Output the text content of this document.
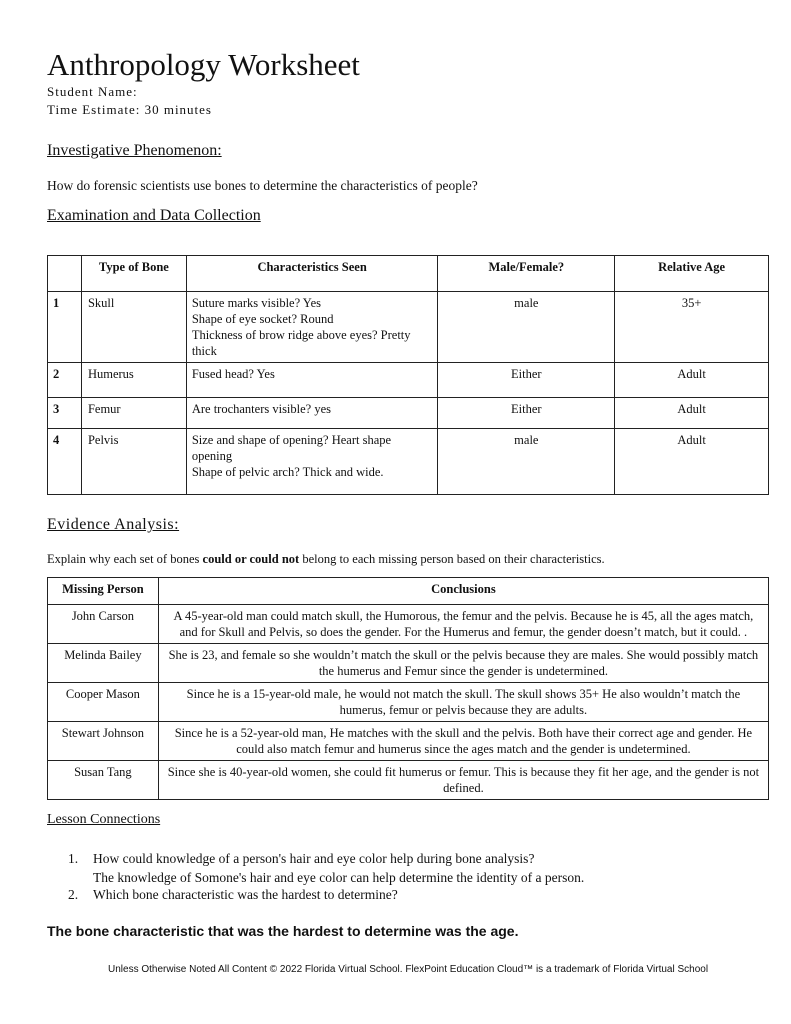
Anthropology Worksheet
Student Name:
Time Estimate: 30 minutes
Investigative Phenomenon:
How do forensic scientists use bones to determine the characteristics of people?
Examination and Data Collection
	Type of Bone	Characteristics Seen	Male/Female?	Relative Age
1	Skull	Suture marks visible? Yes
Shape of eye socket? Round
Thickness of brow ridge above eyes? Pretty thick	male	35+
2	Humerus	Fused head? Yes	Either	Adult
3	Femur	Are trochanters visible? yes	Either	Adult
4	Pelvis	Size and shape of opening? Heart shape opening
Shape of pelvic arch? Thick and wide.	male	Adult
Evidence Analysis:
Explain why each set of bones could or could not belong to each missing person based on their characteristics.
Missing Person	Conclusions
John Carson	A 45-year-old man could match skull, the Humorous, the femur and the pelvis. Because he is 45, all the ages match, and for Skull and Pelvis, so does the gender. For the Humerus and femur, the gender doesn’t match, but it could. .
Melinda Bailey	She is 23, and female so she wouldn’t match the skull or the pelvis because they are males. She would possibly match the humerus and Femur since the gender is undetermined.
Cooper Mason	Since he is a 15-year-old male, he would not match the skull. The skull shows 35+ He also wouldn’t match the humerus, femur or pelvis because they are adults.
Stewart Johnson	Since he is a 52-year-old man, He matches with the skull and the pelvis. Both have their correct age and gender. He could also match femur and humerus since the ages match and the gender is undetermined.
Susan Tang	Since she is 40-year-old women, she could fit humerus or femur. This is because they fit her age, and the gender is not defined.
Lesson Connections
1.	How could knowledge of a person's hair and eye color help during bone analysis?
2.	Which bone characteristic was the hardest to determine?
The knowledge of Somone's hair and eye color can help determine the identity of a person.
The bone characteristic that was the hardest to determine was the age.
Unless Otherwise Noted All Content © 2022 Florida Virtual School. FlexPoint Education Cloud™ is a trademark of Florida Virtual School
